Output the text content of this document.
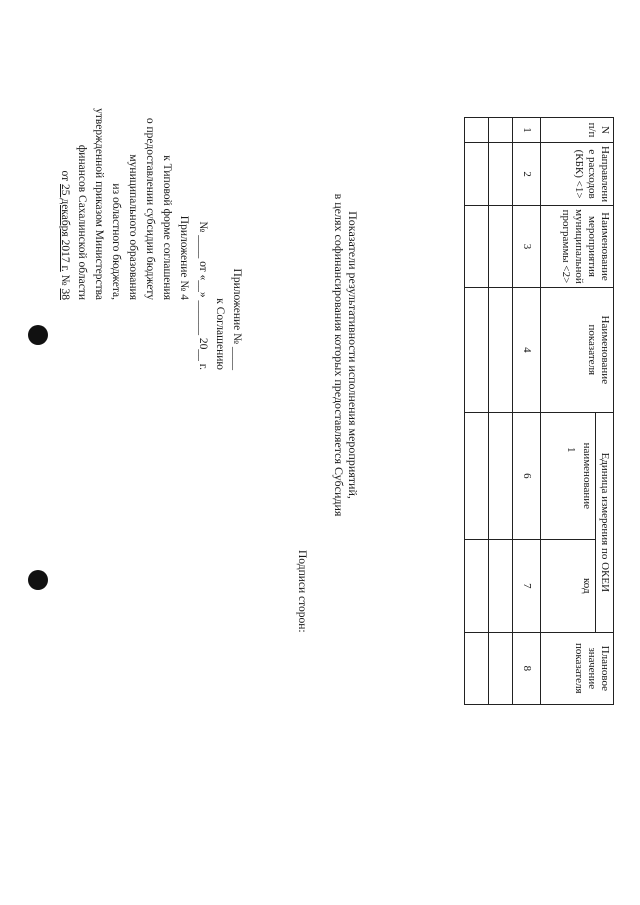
Приложение № 4
к Типовой форме соглашения
о предоставлении субсидии бюджету
муниципального образования
из областного бюджета,
утвержденной приказом Министерства
финансов Сахалинской области
от 25 декабря 2017 г. № 38	Приложение № ____
к Соглашению
№ ____ от «__» ______ 20__ г.	Показатели результативности исполнения мероприятий,
в целях софинансирования которых предоставляется Субсидия
N п/п	Направлени е расходов (КБК) <1>	Наименование мероприятия муниципальной программы <2>	Наименование показателя	Единица измерения по ОКЕИ		Плановое значение показателя
				наименование	код	
1	2	3	4	6	7	8

Подписи сторон:
1
